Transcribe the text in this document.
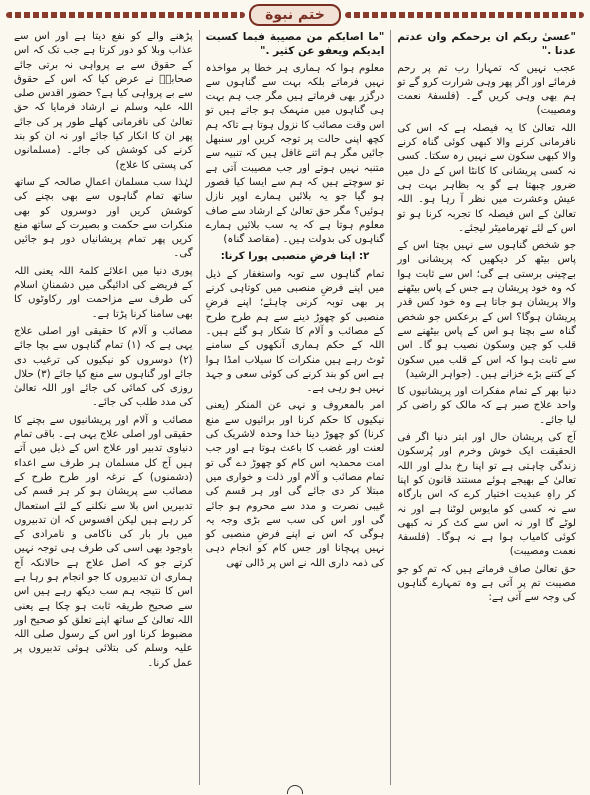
ختم نبوة

"عسیٰ ربکم ان یرحمکم وان عدتم عدنا ."

عجب نہیں کہ تمہارا رب تم پر رحم فرمائے اور اگر پھر وہی شرارت کرو گے تو ہم بھی وہی کریں گے۔ (فلسفۂ نعمت ومصیبت)

اللہ تعالیٰ کا یہ فیصلہ ہے کہ اس کی نافرمانی کرنے والا کبھی کوئی گناہ کرنے والا کبھی سکون سے نہیں رہ سکتا۔ کسی نہ کسی پریشانی کا کانٹا اس کے دل میں ضرور چبھتا ہے گو یہ بظاہر بہت ہی عیش وعشرت میں نظر آ رہا ہو۔ اللہ تعالیٰ کے اس فیصلہ کا تجربہ کرنا ہو تو اس کے لئے تھرمامیٹر لیجئے۔

جو شخص گناہوں سے نہیں بچتا اس کے پاس بیٹھ کر دیکھیں کہ پریشانی اور بےچینی برستی ہے گی؛ اس سے ثابت ہوا کہ وہ خود پریشان ہے جس کے پاس بیٹھنے والا پریشان ہو جاتا ہے وہ خود کس قدر پریشان ہوگا؟ اس کے برعکس جو شخص گناہ سے بچتا ہو اس کے پاس بیٹھنے سے قلب کو چین وسکون نصیب ہو گا۔ اس سے ثابت ہوا کہ اس کے قلب میں سکون کے کتنے بڑے خزانے ہیں۔ (جواہر الرشید)

دنیا بھر کے تمام مفکرات اور پریشانیوں کا واحد علاج صبر ہے کہ مالک کو راضی کر لیا جائے۔

آج کی پریشان حال اور ابتر دنیا اگر فی الحقیقت ایک خوش وخرم اور پُرسکون زندگی چاہتی ہے تو اپنا رخ بدلے اور اللہ تعالیٰ کے بھیجے ہوئے مستند قانون کو اپنا کر راہِ عبدیت اختیار کرے کہ اس بارگاہ سے نہ کسی کو مایوس لوٹنا ہے اور نہ لوٹے گا اور نہ اس سے کٹ کر نہ کبھی کوئی کامیاب ہوا ہے نہ ہوگا۔ (فلسفۂ نعمت ومصیبت)

حق تعالیٰ صاف فرماتے ہیں کہ تم کو جو مصیبت تم پر آتی ہے وہ تمہارے گناہوں کی وجہ سے آتی ہے:

"ما اصابکم من مصیبة فبما کسبت ایدیکم ویعفو عن کثیر ."

معلوم ہوا کہ ہماری ہر خطا پر مواخذہ نہیں فرماتے بلکہ بہت سے گناہوں سے درگزر بھی فرماتے ہیں مگر جب ہم بہت ہی گناہوں میں منہمک ہو جاتے ہیں تو اس وقت مصائب کا نزول ہوتا ہے تاکہ ہم کچھ اپنی حالت پر توجہ کریں اور سنبھل جائیں مگر ہم اتنے غافل ہیں کہ تنبیہ سے متنبہ نہیں ہوتے اور جب مصیبت آتی ہے تو سوچتے ہیں کہ ہم سے ایسا کیا قصور ہو گیا جو یہ بلائیں ہمارے اوپر نازل ہوئیں؟ مگر حق تعالیٰ کے ارشاد سے صاف معلوم ہوتا ہے کہ یہ سب بلائیں ہمارے گناہوں کی بدولت ہیں۔ (مقاصد گناہ)

۲: اپنا فرضِ منصبی پورا کرنا:

تمام گناہوں سے توبہ واستغفار کے ذیل میں اپنے فرضِ منصبی میں کوتاہی کرنے پر بھی توبہ کرنی چاہئے؛ اپنے فرضِ منصبی کو چھوڑ دینے سے ہم طرح طرح کے مصائب و آلام کا شکار ہو گئے ہیں۔ اللہ کے حکم ہماری آنکھوں کے سامنے ٹوٹ رہے ہیں منکرات کا سیلاب امڈا ہوا ہے اس کو بند کرنے کی کوئی سعی و جہد نہیں ہو رہی ہے۔

امر بالمعروف و نہی عن المنکر (یعنی نیکیوں کا حکم کرنا اور برائیوں سے منع کرنا) کو چھوڑ دینا خدا وحدہ لاشریک کی لعنت اور غضب کا باعث ہوتا ہے اور جب امت محمدیہ اس کام کو چھوڑ دے گی تو تمام مصائب و آلام اور ذلت و خواری میں مبتلا کر دی جائے گی اور ہر قسم کی غیبی نصرت و مدد سے محروم ہو جائے گی اور اس کی سب سے بڑی وجہ یہ ہوگی کہ اس نے اپنے فرضِ منصبی کو نہیں پہچانا اور جس کام کو انجام دہی کی ذمہ داری اللہ نے اس پر ڈالی تھی

پڑھنے والے کو نفع دیتا ہے اور اس سے عذاب وبلا کو دور کرتا ہے جب تک کہ اس کے حقوق سے بے پرواہی نہ برتی جائے صحابہؓ نے عرض کیا کہ اس کے حقوق سے بے پرواہی کیا ہے؟ حضور اقدس صلی اللہ علیہ وسلم نے ارشاد فرمایا کہ حق تعالیٰ کی نافرمانی کھلے طور پر کی جائے پھر ان کا انکار کیا جائے اور نہ ان کو بند کرنے کی کوشش کی جائے۔ (مسلمانوں کی پستی کا علاج)

لہٰذا سب مسلمان اعمالِ صالحہ کے ساتھ ساتھ تمام گناہوں سے بھی بچنے کی کوشش کریں اور دوسروں کو بھی منکرات سے حکمت و بصیرت کے ساتھ منع کریں پھر تمام پریشانیاں دور ہو جائیں گی۔

پوری دنیا میں اعلائے کلمۃ اللہ یعنی اللہ کے فریضے کی ادائیگی میں دشمنانِ اسلام کی طرف سے مزاحمت اور رکاوٹوں کا بھی سامنا کرنا پڑتا ہے۔

مصائب و آلام کا حقیقی اور اصلی علاج یہی ہے کہ (۱) تمام گناہوں سے بچا جائے (۲) دوسروں کو نیکیوں کی ترغیب دی جائے اور گناہوں سے منع کیا جائے (۳) حلال روزی کی کمائی کی جائے اور اللہ تعالیٰ کی مدد طلب کی جائے۔

مصائب و آلام اور پریشانیوں سے بچنے کا حقیقی اور اصلی علاج یہی ہے۔ باقی تمام دنیاوی تدبیر اور علاج اس کے ذیل میں آتے ہیں آج کل مسلمان ہر طرف سے اعداء (دشمنوں) کے نرغہ اور طرح طرح کے مصائب سے پریشان ہو کر ہر قسم کی تدبیریں اس بلا سے نکلنے کے لئے استعمال کر رہے ہیں لیکن افسوس کہ ان تدبیروں میں بار بار کی ناکامی و نامرادی کے باوجود بھی اسی کی طرف ہی توجہ نہیں کرتے جو کہ اصل علاج ہے حالانکہ آج ہماری ان تدبیروں کا جو انجام ہو رہا ہے اس کا نتیجہ ہم سب دیکھ رہے ہیں اس سے صحیح طریقہ ثابت ہو چکا ہے یعنی اللہ تعالیٰ کے ساتھ اپنے تعلق کو صحیح اور مضبوط کرنا اور اس کے رسول صلی اللہ علیہ وسلم کی بتلائی ہوئی تدبیروں پر عمل کرنا۔
